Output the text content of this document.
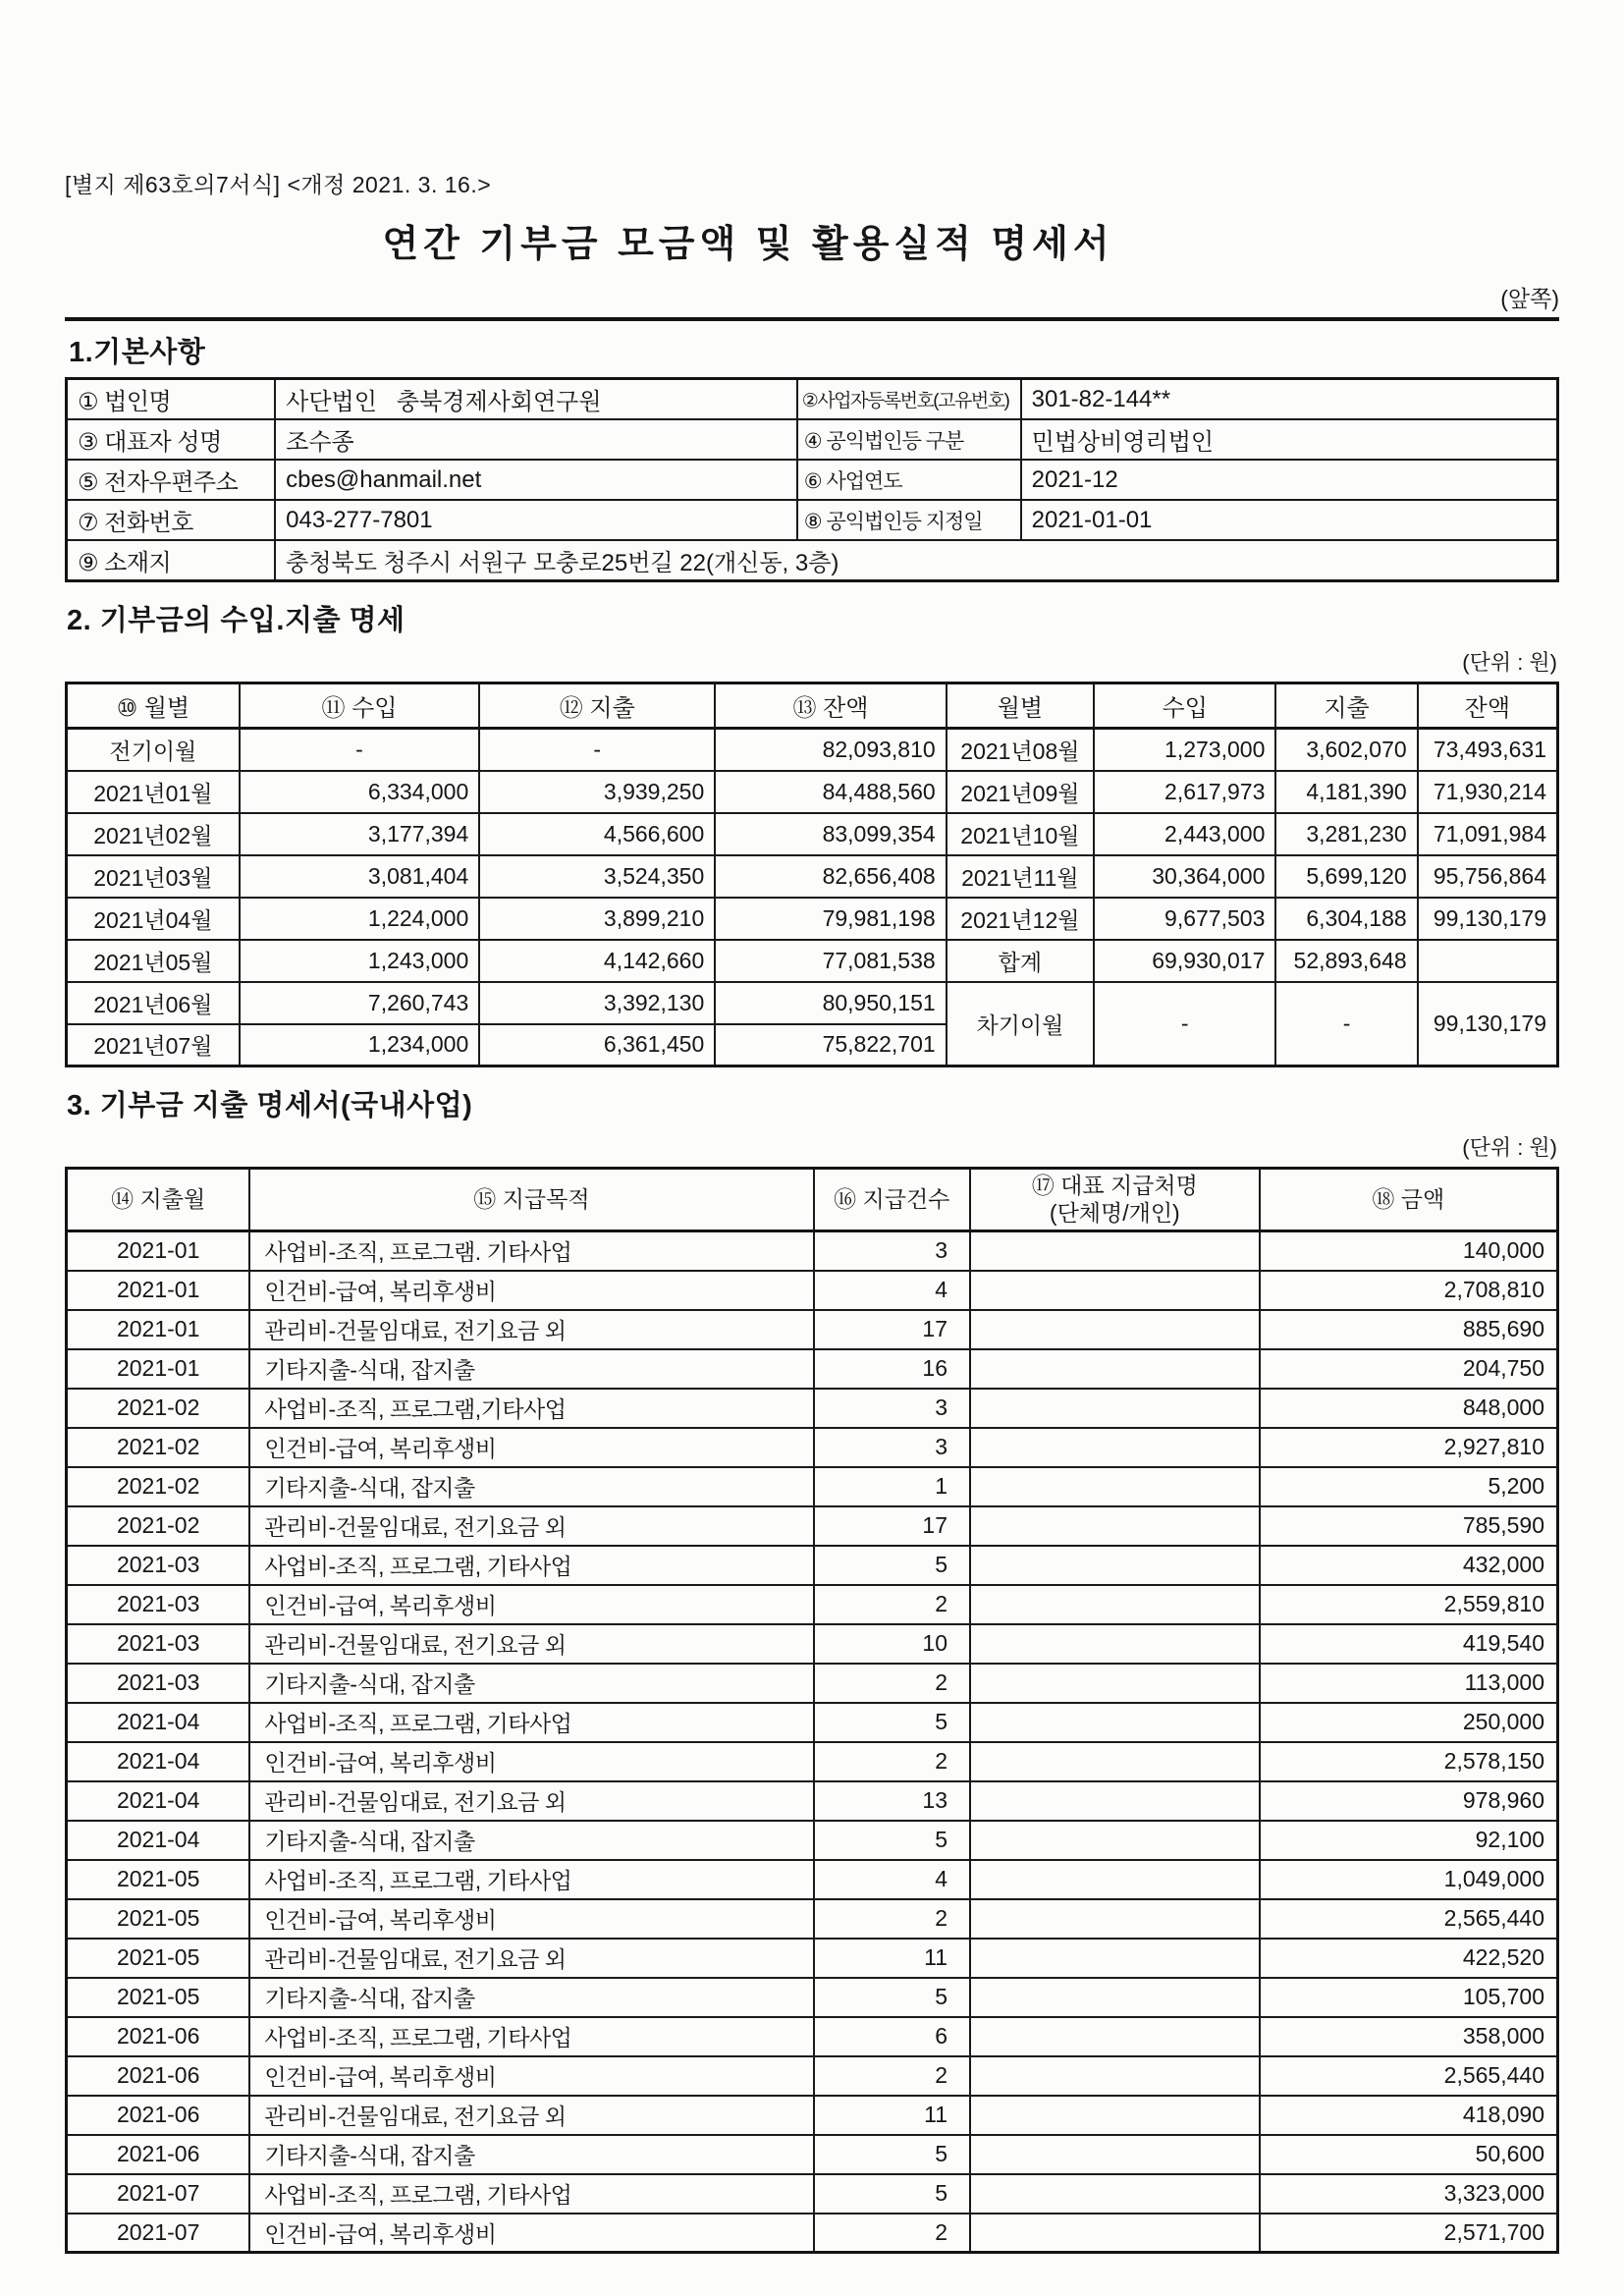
[별지 제63호의7서식] <개정 2021. 3. 16.>
연간 기부금 모금액 및 활용실적 명세서
(앞쪽)
1.기본사항
① 법인명	사단법인   충북경제사회연구원	②사업자등록번호(고유번호)	301-82-144**
③ 대표자 성명	조수종	④ 공익법인등 구분	민법상비영리법인
⑤ 전자우편주소	cbes@hanmail.net	⑥ 사업연도	2021-12
⑦ 전화번호	043-277-7801	⑧ 공익법인등 지정일	2021-01-01
⑨ 소재지	충청북도 청주시 서원구 모충로25번길 22(개신동, 3층)		
2. 기부금의 수입.지출 명세
(단위 : 원)
⑩ 월별	⑪ 수입	⑫ 지출	⑬ 잔액	월별	수입	지출	잔액
전기이월	-	-	82,093,810	2021년08월	1,273,000	3,602,070	73,493,631
2021년01월	6,334,000	3,939,250	84,488,560	2021년09월	2,617,973	4,181,390	71,930,214
2021년02월	3,177,394	4,566,600	83,099,354	2021년10월	2,443,000	3,281,230	71,091,984
2021년03월	3,081,404	3,524,350	82,656,408	2021년11월	30,364,000	5,699,120	95,756,864
2021년04월	1,224,000	3,899,210	79,981,198	2021년12월	9,677,503	6,304,188	99,130,179
2021년05월	1,243,000	4,142,660	77,081,538	합계	69,930,017	52,893,648	
2021년06월	7,260,743	3,392,130	80,950,151	차기이월	-	-	99,130,179
2021년07월	1,234,000	6,361,450	75,822,701				
3. 기부금 지출 명세서(국내사업)
(단위 : 원)
⑭ 지출월	⑮ 지급목적	⑯ 지급건수	⑰ 대표 지급처명
(단체명/개인)	⑱ 금액
2021-01	사업비-조직, 프로그램. 기타사업	3		140,000
2021-01	인건비-급여, 복리후생비	4		2,708,810
2021-01	관리비-건물임대료, 전기요금 외	17		885,690
2021-01	기타지출-식대, 잡지출	16		204,750
2021-02	사업비-조직, 프로그램,기타사업	3		848,000
2021-02	인건비-급여, 복리후생비	3		2,927,810
2021-02	기타지출-식대, 잡지출	1		5,200
2021-02	관리비-건물임대료, 전기요금 외	17		785,590
2021-03	사업비-조직, 프로그램, 기타사업	5		432,000
2021-03	인건비-급여, 복리후생비	2		2,559,810
2021-03	관리비-건물임대료, 전기요금 외	10		419,540
2021-03	기타지출-식대, 잡지출	2		113,000
2021-04	사업비-조직, 프로그램, 기타사업	5		250,000
2021-04	인건비-급여, 복리후생비	2		2,578,150
2021-04	관리비-건물임대료, 전기요금 외	13		978,960
2021-04	기타지출-식대, 잡지출	5		92,100
2021-05	사업비-조직, 프로그램, 기타사업	4		1,049,000
2021-05	인건비-급여, 복리후생비	2		2,565,440
2021-05	관리비-건물임대료, 전기요금 외	11		422,520
2021-05	기타지출-식대, 잡지출	5		105,700
2021-06	사업비-조직, 프로그램, 기타사업	6		358,000
2021-06	인건비-급여, 복리후생비	2		2,565,440
2021-06	관리비-건물임대료, 전기요금 외	11		418,090
2021-06	기타지출-식대, 잡지출	5		50,600
2021-07	사업비-조직, 프로그램, 기타사업	5		3,323,000
2021-07	인건비-급여, 복리후생비	2		2,571,700
